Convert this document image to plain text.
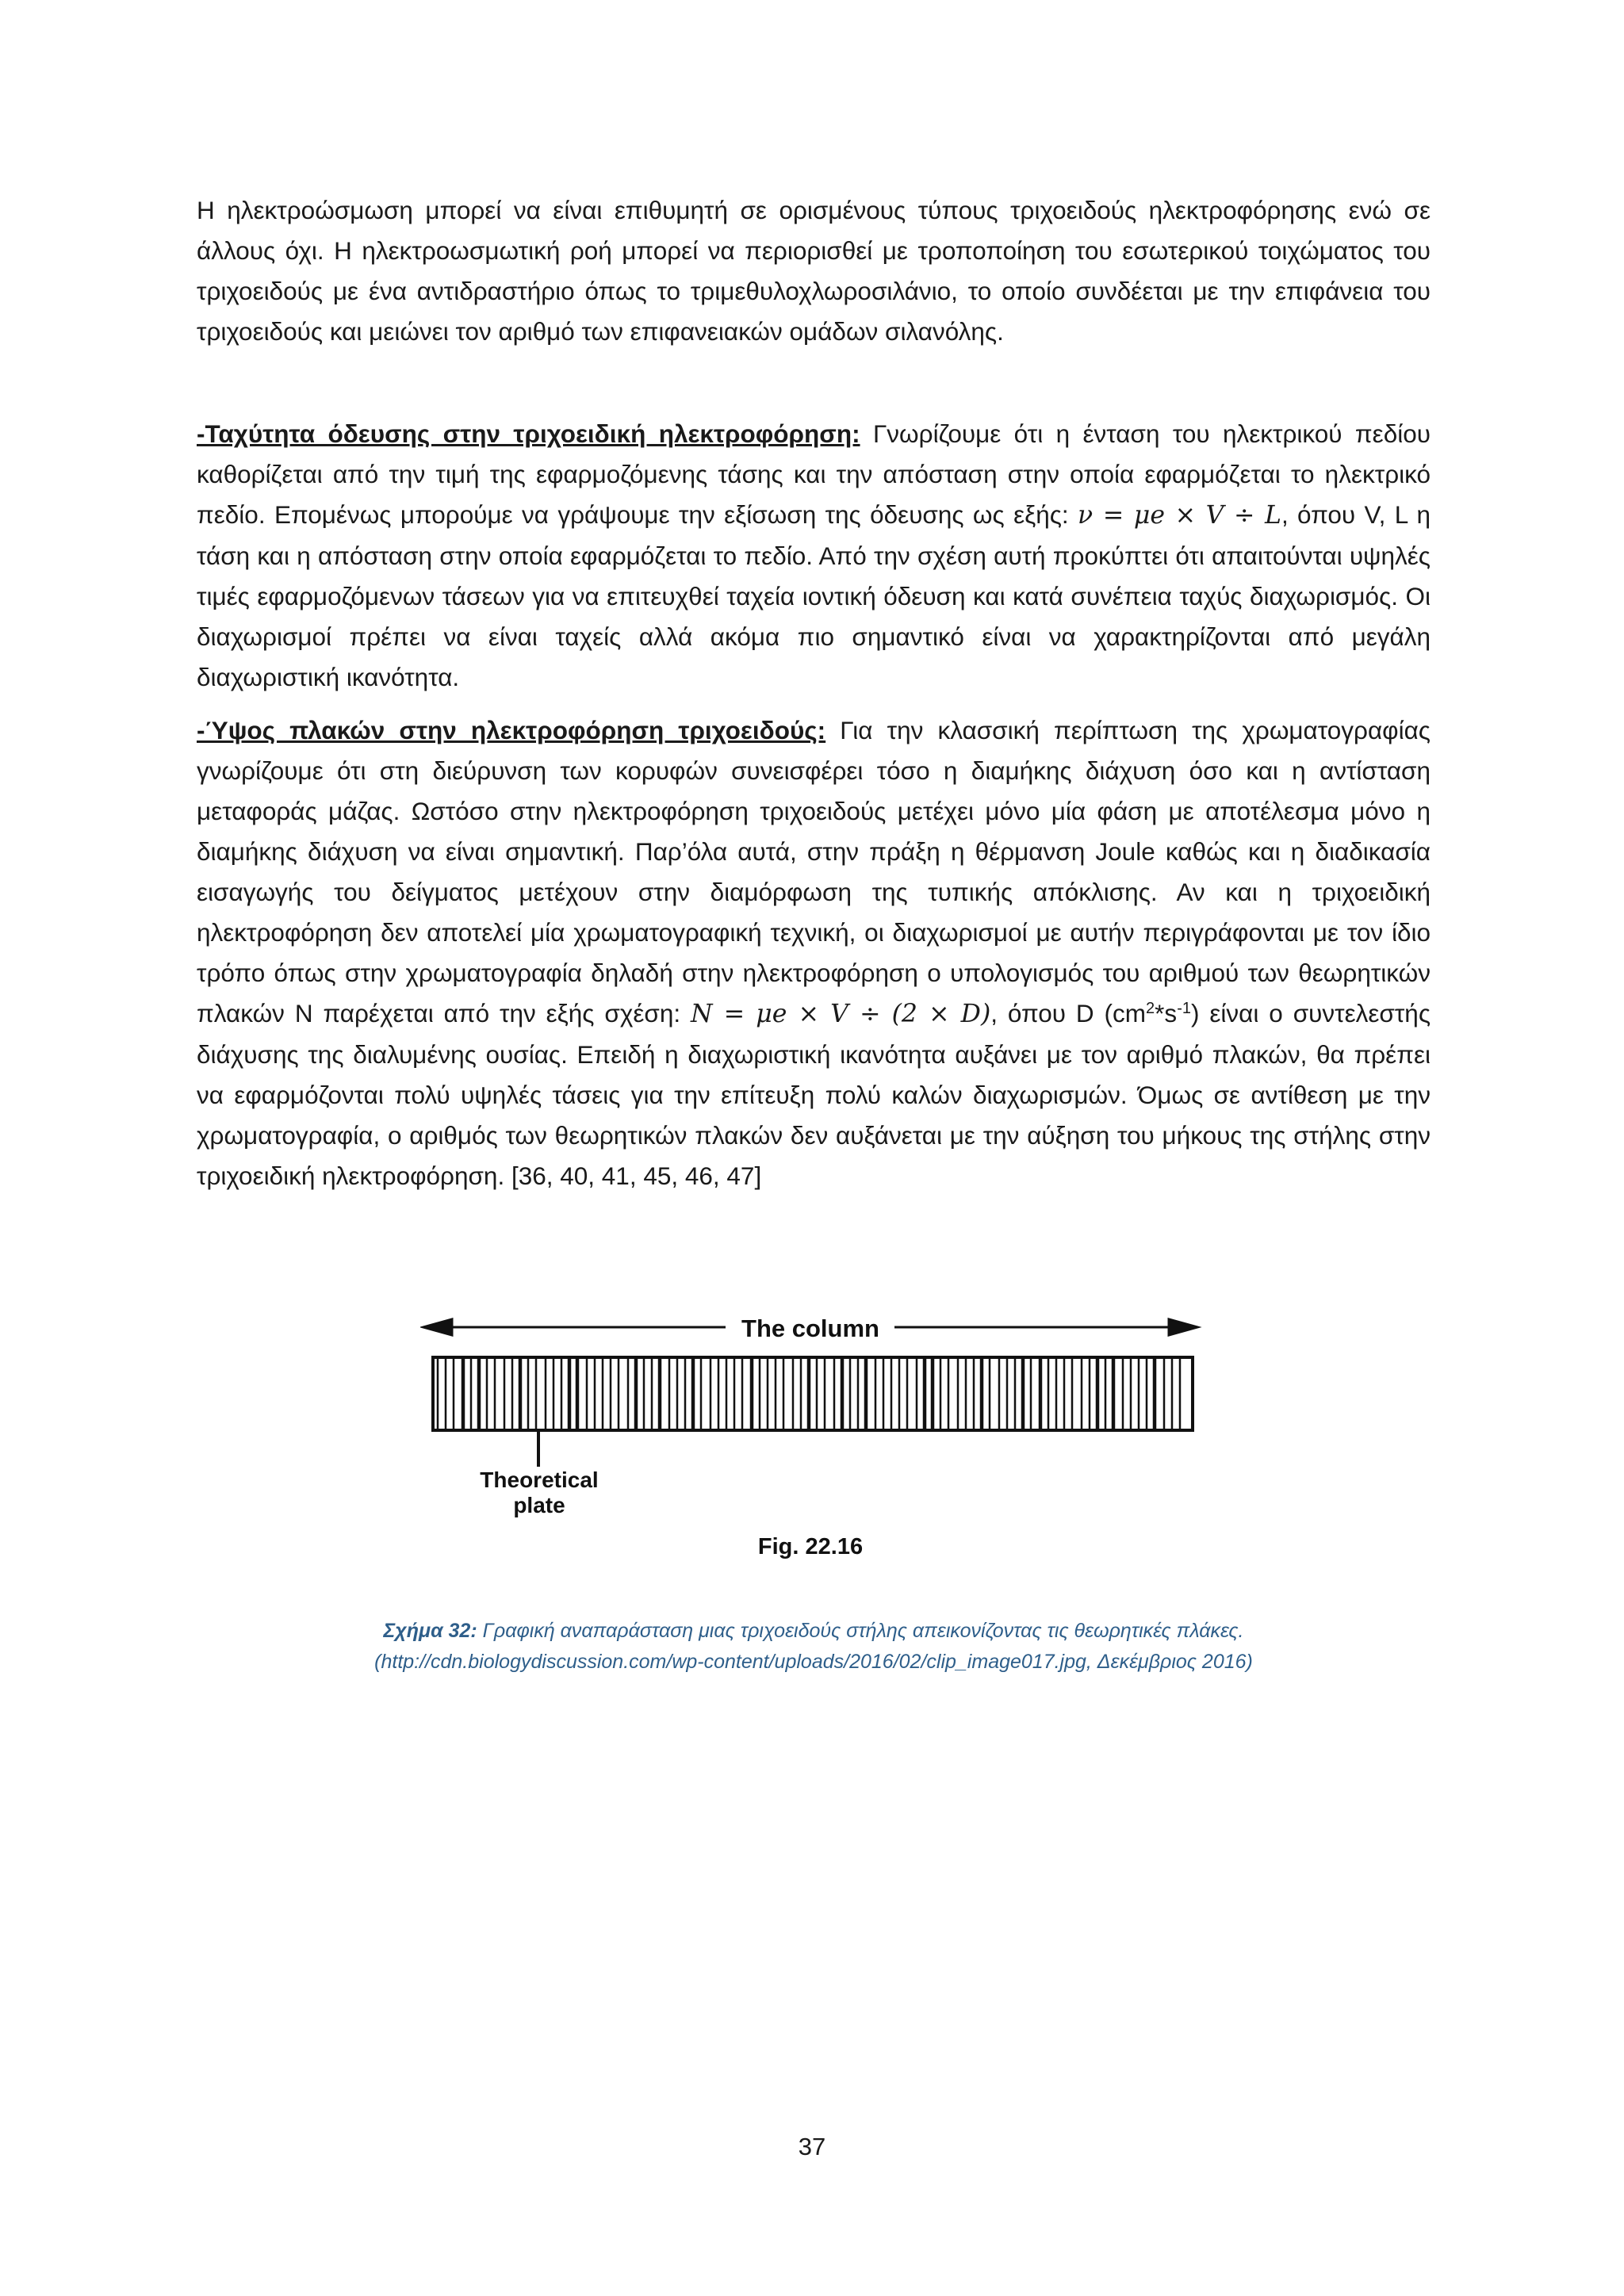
Η ηλεκτροώσμωση μπορεί να είναι επιθυμητή σε ορισμένους τύπους τριχοειδούς ηλεκτροφόρησης ενώ σε άλλους όχι. Η ηλεκτροωσμωτική ροή μπορεί να περιορισθεί με τροποποίηση του εσωτερικού τοιχώματος του τριχοειδούς με ένα αντιδραστήριο όπως το τριμεθυλοχλωροσιλάνιο, το οποίο συνδέεται με την επιφάνεια του τριχοειδούς και μειώνει τον αριθμό των επιφανειακών ομάδων σιλανόλης.

-Ταχύτητα όδευσης στην τριχοειδική ηλεκτροφόρηση: Γνωρίζουμε ότι η ένταση του ηλεκτρικού πεδίου καθορίζεται από την τιμή της εφαρμοζόμενης τάσης και την απόσταση στην οποία εφαρμόζεται το ηλεκτρικό πεδίο. Επομένως μπορούμε να γράψουμε την εξίσωση της όδευσης ως εξής: ν = μe × V ÷ L, όπου V, L η τάση και η απόσταση στην οποία εφαρμόζεται το πεδίο. Από την σχέση αυτή προκύπτει ότι απαιτούνται υψηλές τιμές εφαρμοζόμενων τάσεων για να επιτευχθεί ταχεία ιοντική όδευση και κατά συνέπεια ταχύς διαχωρισμός. Οι διαχωρισμοί πρέπει να είναι ταχείς αλλά ακόμα πιο σημαντικό είναι να χαρακτηρίζονται από μεγάλη διαχωριστική ικανότητα.

-Ύψος πλακών στην ηλεκτροφόρηση τριχοειδούς: Για την κλασσική περίπτωση της χρωματογραφίας γνωρίζουμε ότι στη διεύρυνση των κορυφών συνεισφέρει τόσο η διαμήκης διάχυση όσο και η αντίσταση μεταφοράς μάζας. Ωστόσο στην ηλεκτροφόρηση τριχοειδούς μετέχει μόνο μία φάση με αποτέλεσμα μόνο η διαμήκης διάχυση να είναι σημαντική. Παρ’όλα αυτά, στην πράξη η θέρμανση Joule καθώς και η διαδικασία εισαγωγής του δείγματος μετέχουν στην διαμόρφωση της τυπικής απόκλισης. Αν και η τριχοειδική ηλεκτροφόρηση δεν αποτελεί μία χρωματογραφική τεχνική, οι διαχωρισμοί με αυτήν περιγράφονται με τον ίδιο τρόπο όπως στην χρωματογραφία δηλαδή στην ηλεκτροφόρηση ο υπολογισμός του αριθμού των θεωρητικών πλακών Ν παρέχεται από την εξής σχέση: N = μe × V ÷ (2 × D), όπου D $(cm^2*s^{-1})$ είναι ο συντελεστής διάχυσης της διαλυμένης ουσίας. Επειδή η διαχωριστική ικανότητα αυξάνει με τον αριθμό πλακών, θα πρέπει να εφαρμόζονται πολύ υψηλές τάσεις για την επίτευξη πολύ καλών διαχωρισμών. Όμως σε αντίθεση με την χρωματογραφία, ο αριθμός των θεωρητικών πλακών δεν αυξάνεται με την αύξηση του μήκους της στήλης στην τριχοειδική ηλεκτροφόρηση. [36, 40, 41, 45, 46, 47]

The column
Theoretical
plate
Fig. 22.16
Σχήμα 32: Γραφική αναπαράσταση μιας τριχοειδούς στήλης απεικονίζοντας τις θεωρητικές πλάκες.
(http://cdn.biologydiscussion.com/wp-content/uploads/2016/02/clip_image017.jpg, Δεκέμβριος 2016)
37
